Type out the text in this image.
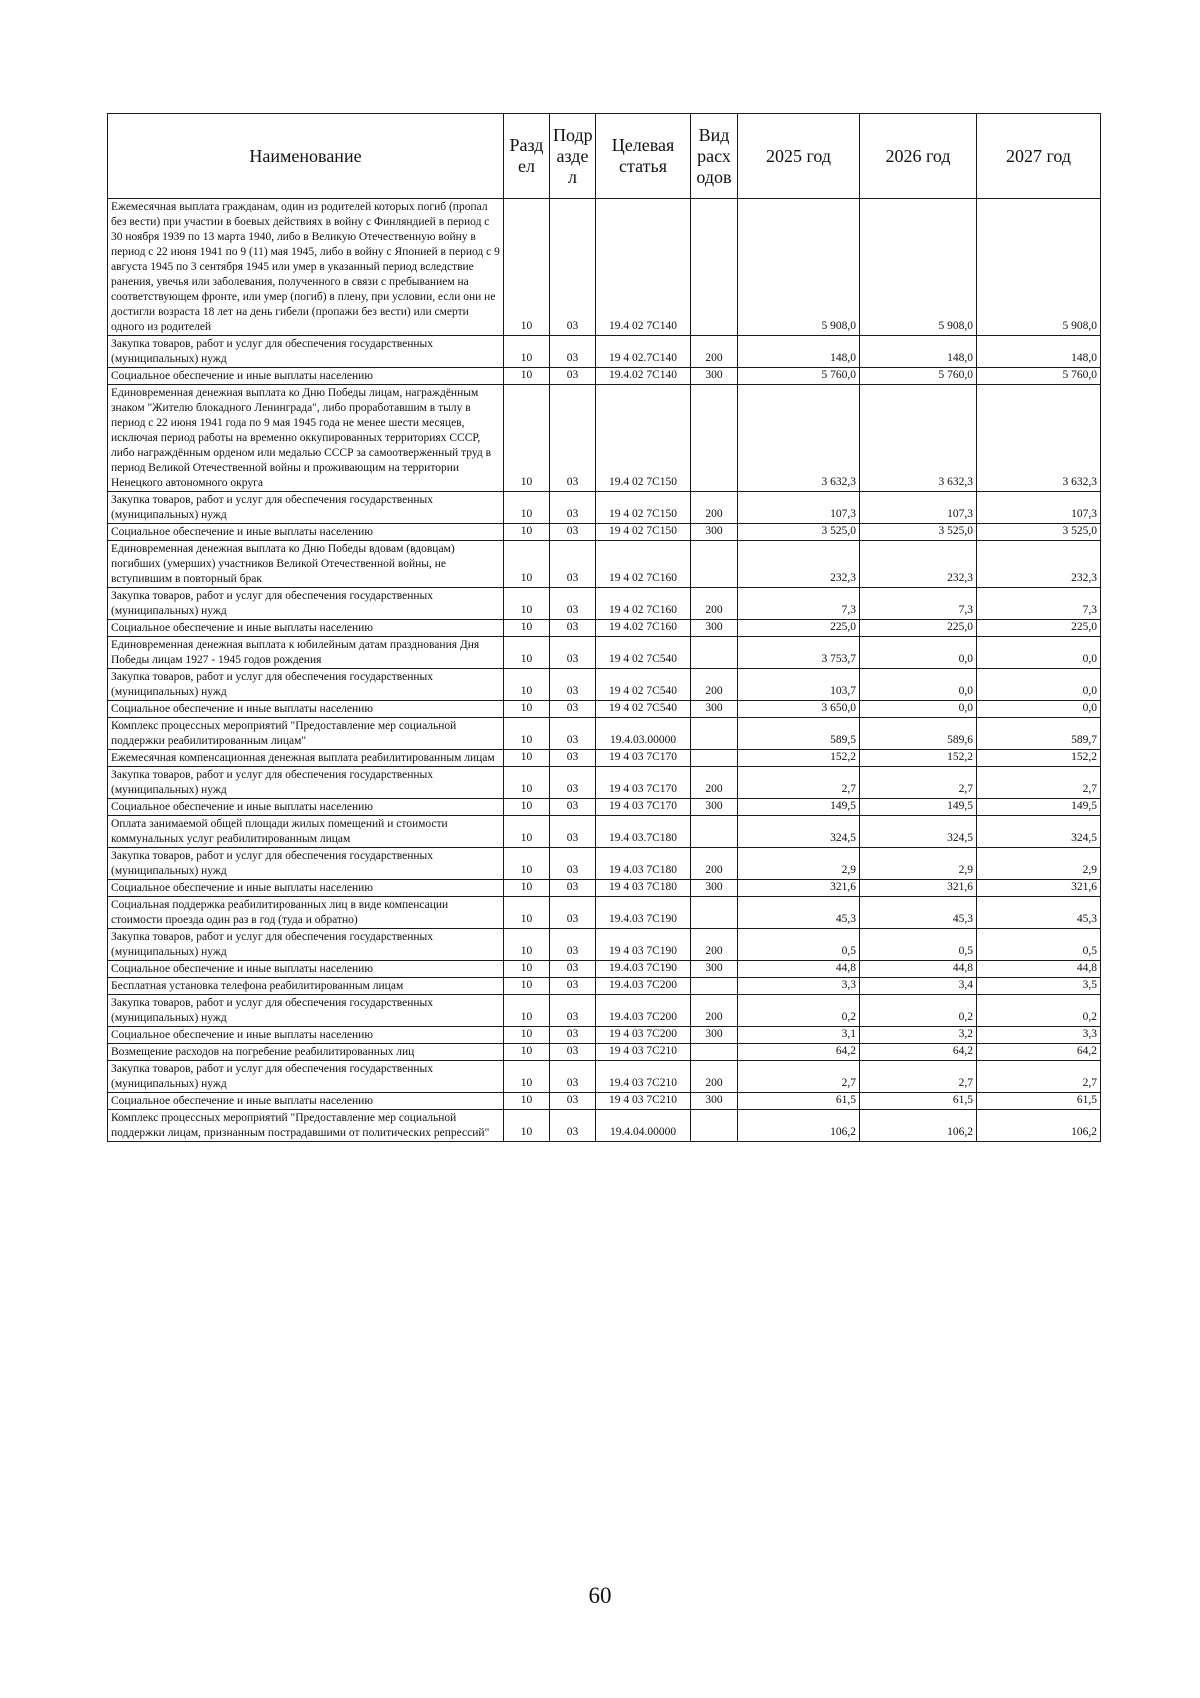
Наименование	Разд ел	Подр азде л	Целевая статья	Вид расх одов	2025 год	2026 год	2027 год
Ежемесячная выплата гражданам, один из родителей которых погиб (пропал без вести) при участии в боевых действиях в войну с Финляндией в период с 30 ноября 1939 по 13 марта 1940, либо в Великую Отечественную войну в период с 22 июня 1941 по 9 (11) мая 1945, либо в войну с Японией в период с 9 августа 1945 по 3 сентября 1945 или умер в указанный период вследствие ранения, увечья или заболевания, полученного в связи с пребыванием на соответствующем фронте, или умер (погиб) в плену, при условии, если они не достигли возраста 18 лет на день гибели (пропажи без вести) или смерти одного из родителей	10	03	19.4 02 7С140		5 908,0	5 908,0	5 908,0
Закупка товаров, работ и услуг для обеспечения государственных (муниципальных) нужд	10	03	19 4 02.7С140	200	148,0	148,0	148,0
Социальное обеспечение и иные выплаты населению	10	03	19.4.02 7С140	300	5 760,0	5 760,0	5 760,0
Единовременная денежная выплата ко Дню Победы лицам, награждённым знаком "Жителю блокадного Ленинграда", либо проработавшим в тылу в период с 22 июня 1941 года по 9 мая 1945 года не менее шести месяцев, исключая период работы на временно оккупированных территориях СССР, либо награждённым орденом или медалью СССР за самоотверженный труд в период Великой Отечественной войны и проживающим на территории Ненецкого автономного округа	10	03	19.4 02 7С150		3 632,3	3 632,3	3 632,3
Закупка товаров, работ и услуг для обеспечения государственных (муниципальных) нужд	10	03	19 4 02 7С150	200	107,3	107,3	107,3
Социальное обеспечение и иные выплаты населению	10	03	19 4 02 7С150	300	3 525,0	3 525,0	3 525,0
Единовременная денежная выплата ко Дню Победы вдовам (вдовцам) погибших (умерших) участников Великой Отечественной войны, не вступившим в повторный брак	10	03	19 4 02 7С160		232,3	232,3	232,3
Закупка товаров, работ и услуг для обеспечения государственных (муниципальных) нужд	10	03	19 4 02 7С160	200	7,3	7,3	7,3
Социальное обеспечение и иные выплаты населению	10	03	19 4.02 7С160	300	225,0	225,0	225,0
Единовременная денежная выплата к юбилейным датам празднования Дня Победы лицам 1927 - 1945 годов рождения	10	03	19 4 02 7С540		3 753,7	0,0	0,0
Закупка товаров, работ и услуг для обеспечения государственных (муниципальных) нужд	10	03	19 4 02 7С540	200	103,7	0,0	0,0
Социальное обеспечение и иные выплаты населению	10	03	19 4 02 7С540	300	3 650,0	0,0	0,0
Комплекс процессных мероприятий "Предоставление мер социальной поддержки реабилитированным лицам"	10	03	19.4.03.00000		589,5	589,6	589,7
Ежемесячная компенсационная денежная выплата реабилитированным лицам	10	03	19 4 03 7С170		152,2	152,2	152,2
Закупка товаров, работ и услуг для обеспечения государственных (муниципальных) нужд	10	03	19 4 03 7С170	200	2,7	2,7	2,7
Социальное обеспечение и иные выплаты населению	10	03	19 4 03 7С170	300	149,5	149,5	149,5
Оплата занимаемой общей площади жилых помещений и стоимости коммунальных услуг реабилитированным лицам	10	03	19.4 03.7С180		324,5	324,5	324,5
Закупка товаров, работ и услуг для обеспечения государственных (муниципальных) нужд	10	03	19 4.03 7С180	200	2,9	2,9	2,9
Социальное обеспечение и иные выплаты населению	10	03	19 4 03 7С180	300	321,6	321,6	321,6
Социальная поддержка реабилитированных лиц в виде компенсации стоимости проезда один раз в год (туда и обратно)	10	03	19.4.03 7С190		45,3	45,3	45,3
Закупка товаров, работ и услуг для обеспечения государственных (муниципальных) нужд	10	03	19 4 03 7С190	200	0,5	0,5	0,5
Социальное обеспечение и иные выплаты населению	10	03	19.4.03 7С190	300	44,8	44,8	44,8
Бесплатная установка телефона реабилитированным лицам	10	03	19.4.03 7С200		3,3	3,4	3,5
Закупка товаров, работ и услуг для обеспечения государственных (муниципальных) нужд	10	03	19.4.03 7С200	200	0,2	0,2	0,2
Социальное обеспечение и иные выплаты населению	10	03	19 4 03 7С200	300	3,1	3,2	3,3
Возмещение расходов на погребение реабилитированных лиц	10	03	19 4 03 7С210		64,2	64,2	64,2
Закупка товаров, работ и услуг для обеспечения государственных (муниципальных) нужд	10	03	19.4 03 7С210	200	2,7	2,7	2,7
Социальное обеспечение и иные выплаты населению	10	03	19 4 03 7С210	300	61,5	61,5	61,5
Комплекс процессных мероприятий "Предоставление мер социальной поддержки лицам, признанным пострадавшими от политических репрессий"	10	03	19.4.04.00000		106,2	106,2	106,2
60
